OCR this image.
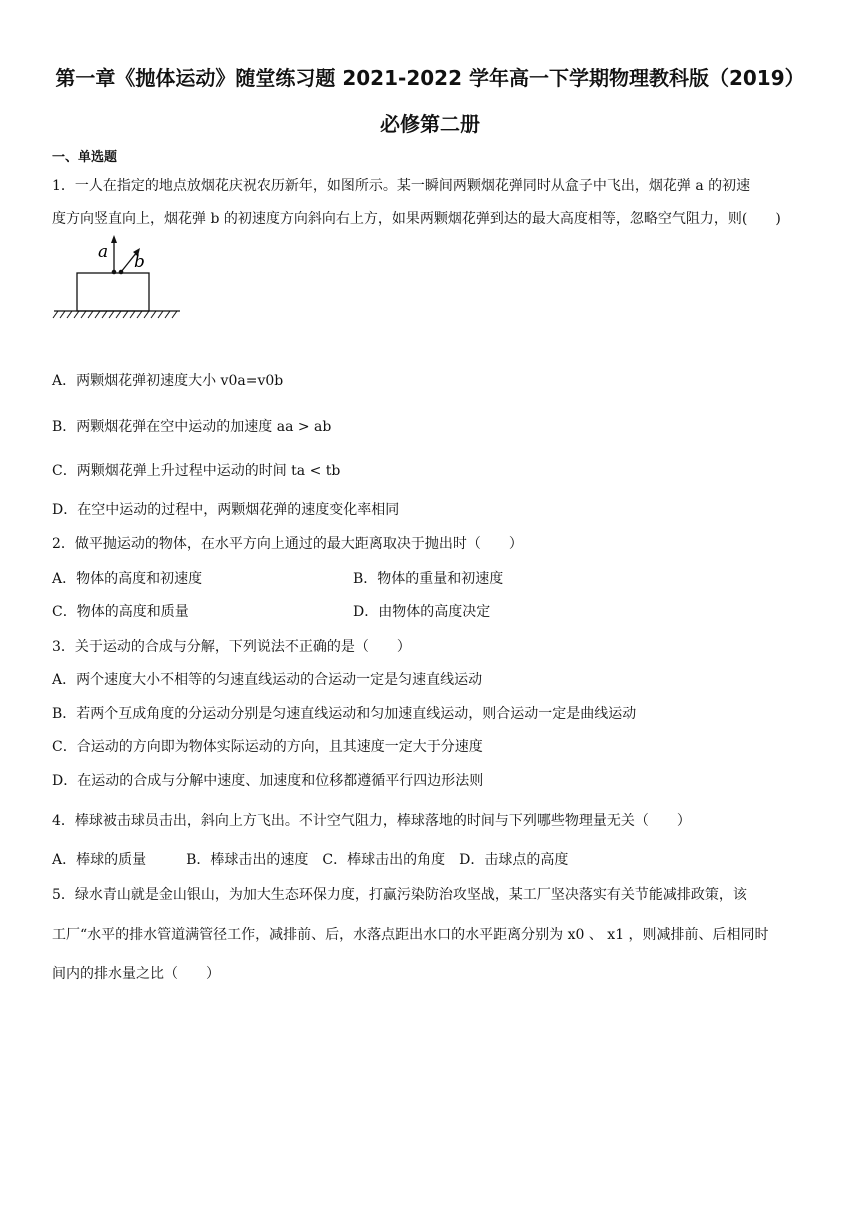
第一章《抛体运动》随堂练习题 2021-2022 学年高一下学期物理教科版（2019）
必修第二册
一、单选题
1．一人在指定的地点放烟花庆祝农历新年，如图所示。某一瞬间两颗烟花弹同时从盒子中飞出，烟花弹 a 的初速
度方向竖直向上，烟花弹 b 的初速度方向斜向右上方，如果两颗烟花弹到达的最大高度相等，忽略空气阻力，则(　　)
a b
A．两颗烟花弹初速度大小 v0a=v0b
B．两颗烟花弹在空中运动的加速度 aa > ab
C．两颗烟花弹上升过程中运动的时间 ta < tb
D．在空中运动的过程中，两颗烟花弹的速度变化率相同
2．做平抛运动的物体，在水平方向上通过的最大距离取决于抛出时（　　）
A．物体的高度和初速度	B．物体的重量和初速度
C．物体的高度和质量	D．由物体的高度决定
3．关于运动的合成与分解，下列说法不正确的是（　　）
A．两个速度大小不相等的匀速直线运动的合运动一定是匀速直线运动
B．若两个互成角度的分运动分别是匀速直线运动和匀加速直线运动，则合运动一定是曲线运动
C．合运动的方向即为物体实际运动的方向，且其速度一定大于分速度
D．在运动的合成与分解中速度、加速度和位移都遵循平行四边形法则
4．棒球被击球员击出，斜向上方飞出。不计空气阻力，棒球落地的时间与下列哪些物理量无关（　　）
A．棒球的质量	B．棒球击出的速度 C．棒球击出的角度 D．击球点的高度
5．绿水青山就是金山银山，为加大生态环保力度，打赢污染防治攻坚战，某工厂坚决落实有关节能减排政策，该
工厂“水平的排水管道满管径工作，减排前、后，水落点距出水口的水平距离分别为 x0 、 x1 ，则减排前、后相同时
间内的排水量之比（　　）
